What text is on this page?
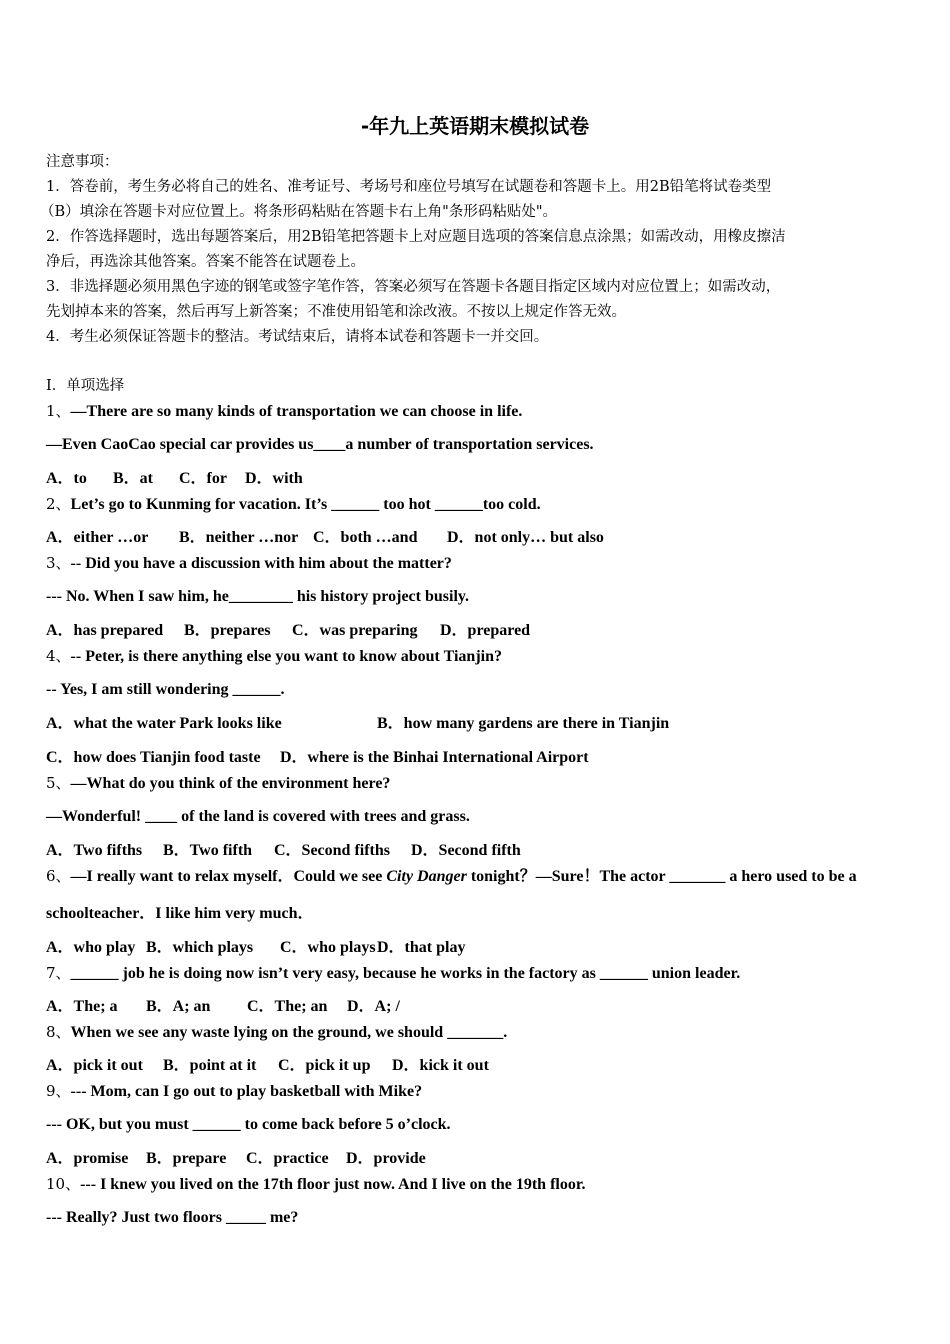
-年九上英语期末模拟试卷
注意事项：
1．答卷前，考生务必将自己的姓名、准考证号、考场号和座位号填写在试题卷和答题卡上。用2B铅笔将试卷类型
（B）填涂在答题卡对应位置上。将条形码粘贴在答题卡右上角"条形码粘贴处"。
2．作答选择题时，选出每题答案后，用2B铅笔把答题卡上对应题目选项的答案信息点涂黑；如需改动，用橡皮擦洁
净后，再选涂其他答案。答案不能答在试题卷上。
3．非选择题必须用黑色字迹的钢笔或签字笔作答，答案必须写在答题卡各题目指定区域内对应位置上；如需改动，
先划掉本来的答案，然后再写上新答案；不准使用铅笔和涂改液。不按以上规定作答无效。
4．考生必须保证答题卡的整洁。考试结束后，请将本试卷和答题卡一并交回。
Ⅰ．单项选择
1、—There are so many kinds of transportation we can choose in life.
—Even CaoCao special car provides us____a number of transportation services.
A．to B．at C．for D．with
2、Let’s go to Kunming for vacation. It’s ______ too hot ______too cold.
A．either …or B．neither …nor C．both …and D．not only… but also
3、-- Did you have a discussion with him about the matter?
--- No. When I saw him, he________ his history project busily.
A．has prepared B．prepares C．was preparing D．prepared
4、-- Peter, is there anything else you want to know about Tianjin?
-- Yes, I am still wondering ______.
A．what the water Park looks like	B．how many gardens are there in Tianjin
C．how does Tianjin food taste D．where is the Binhai International Airport
5、—What do you think of the environment here?
—Wonderful! ____ of the land is covered with trees and grass.
A．Two fifths B．Two fifth C．Second fifths D．Second fifth
6、—I really want to relax myself．Could we see City Danger tonight？—Sure！The actor _______ a hero used to be a
schoolteacher．I like him very much．
A．who play B．which plays C．who playsD．that play
7、______ job he is doing now isn’t very easy, because he works in the factory as ______ union leader.
A．The; a B．A; an C．The; an D．A; /
8、When we see any waste lying on the ground, we should _______.
A．pick it out B．point at it C．pick it up D．kick it out
9、--- Mom, can I go out to play basketball with Mike?
--- OK, but you must ______ to come back before 5 o’clock.
A．promise B．prepare C．practice D．provide
10、--- I knew you lived on the 17th floor just now. And I live on the 19th floor.
--- Really? Just two floors _____ me?
